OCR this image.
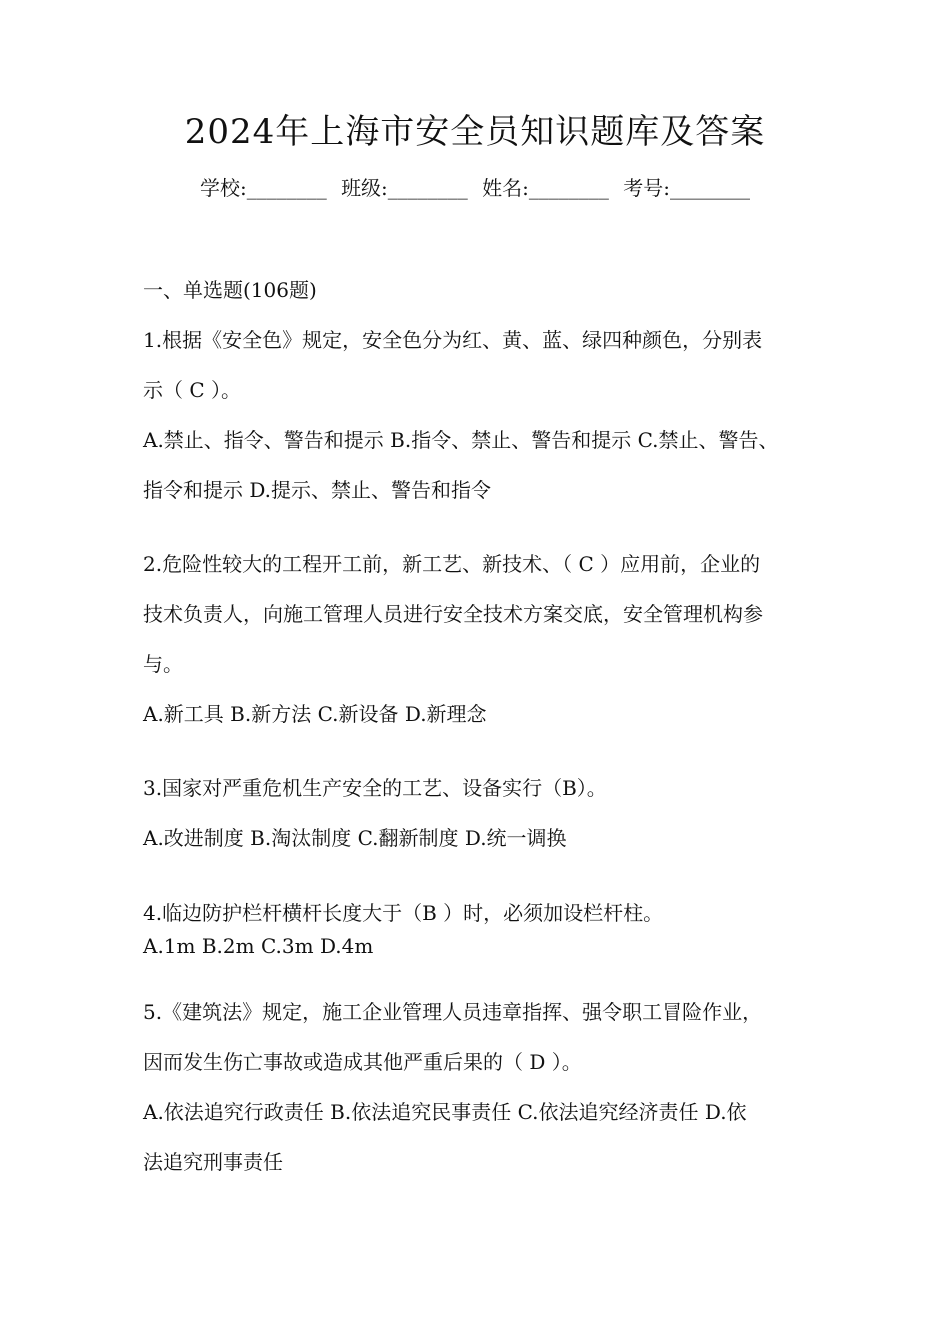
2024年上海市安全员知识题库及答案
学校:________ 班级:________ 姓名:________ 考号:________
一、单选题(106题)
1.根据《安全色》规定，安全色分为红、黄、蓝、绿四种颜色，分别表
示（ C ）。
A.禁止、指令、警告和提示 B.指令、禁止、警告和提示 C.禁止、警告、
指令和提示 D.提示、禁止、警告和指令
2.危险性较大的工程开工前，新工艺、新技术、（ C ）应用前，企业的
技术负责人，向施工管理人员进行安全技术方案交底，安全管理机构参
与。
A.新工具 B.新方法 C.新设备 D.新理念
3.国家对严重危机生产安全的工艺、设备实行（B）。
A.改进制度 B.淘汰制度 C.翻新制度 D.统一调换
4.临边防护栏杆横杆长度大于（B ）时，必须加设栏杆柱。
A.1m B.2m C.3m D.4m
5.《建筑法》规定，施工企业管理人员违章指挥、强令职工冒险作业，
因而发生伤亡事故或造成其他严重后果的（ D ）。
A.依法追究行政责任 B.依法追究民事责任 C.依法追究经济责任 D.依
法追究刑事责任
